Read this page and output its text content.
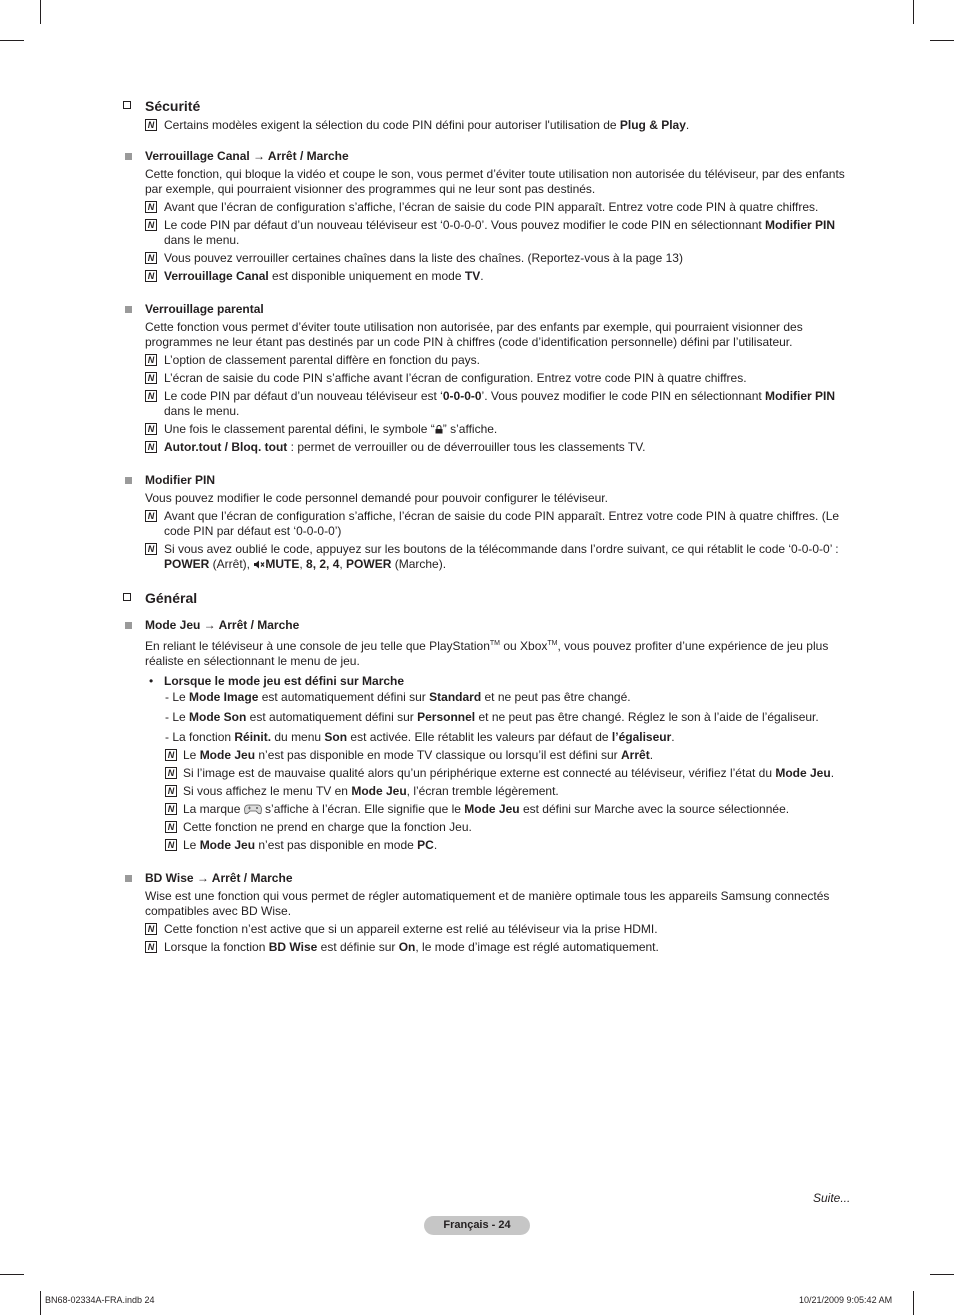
Sécurité
N Certains modèles exigent la sélection du code PIN défini pour autoriser l'utilisation de Plug & Play.
Verrouillage Canal → Arrêt / Marche
Cette fonction, qui bloque la vidéo et coupe le son, vous permet d’éviter toute utilisation non autorisée du téléviseur, par des enfants par exemple, qui pourraient visionner des programmes qui ne leur sont pas destinés.
N Avant que l’écran de configuration s’affiche, l’écran de saisie du code PIN apparaît. Entrez votre code PIN à quatre chiffres.
N Le code PIN par défaut d’un nouveau téléviseur est ‘0-0-0-0’. Vous pouvez modifier le code PIN en sélectionnant Modifier PIN dans le menu.
N Vous pouvez verrouiller certaines chaînes dans la liste des chaînes. (Reportez-vous à la page 13)
N Verrouillage Canal est disponible uniquement en mode TV.
Verrouillage parental
Cette fonction vous permet d’éviter toute utilisation non autorisée, par des enfants par exemple, qui pourraient visionner des programmes ne leur étant pas destinés par un code PIN à chiffres (code d’identification personnelle) défini par l’utilisateur.
N L’option de classement parental diffère en fonction du pays.
N L’écran de saisie du code PIN s’affiche avant l’écran de configuration. Entrez votre code PIN à quatre chiffres.
N Le code PIN par défaut d’un nouveau téléviseur est ‘0-0-0-0’. Vous pouvez modifier le code PIN en sélectionnant Modifier PIN dans le menu.
N Une fois le classement parental défini, le symbole “ ” s’affiche.
N Autor.tout / Bloq. tout : permet de verrouiller ou de déverrouiller tous les classements TV.
Modifier PIN
Vous pouvez modifier le code personnel demandé pour pouvoir configurer le téléviseur.
N Avant que l’écran de configuration s’affiche, l’écran de saisie du code PIN apparaît. Entrez votre code PIN à quatre chiffres. (Le code PIN par défaut est ‘0-0-0-0’)
N Si vous avez oublié le code, appuyez sur les boutons de la télécommande dans l’ordre suivant, ce qui rétablit le code ‘0-0-0-0’ : POWER (Arrêt), MUTE, 8, 2, 4, POWER (Marche).
Général
Mode Jeu → Arrêt / Marche
En reliant le téléviseur à une console de jeu telle que PlayStation™ ou Xbox™, vous pouvez profiter d’une expérience de jeu plus réaliste en sélectionnant le menu de jeu.
• Lorsque le mode jeu est défini sur Marche
- Le Mode Image est automatiquement défini sur Standard et ne peut pas être changé.
- Le Mode Son est automatiquement défini sur Personnel et ne peut pas être changé. Réglez le son à l’aide de l’égaliseur.
- La fonction Réinit. du menu Son est activée. Elle rétablit les valeurs par défaut de l’égaliseur.
N Le Mode Jeu n’est pas disponible en mode TV classique ou lorsqu’il est défini sur Arrêt.
N Si l’image est de mauvaise qualité alors qu’un périphérique externe est connecté au téléviseur, vérifiez l’état du Mode Jeu.
N Si vous affichez le menu TV en Mode Jeu, l’écran tremble légèrement.
N La marque  s’affiche à l’écran. Elle signifie que le Mode Jeu est défini sur Marche avec la source sélectionnée.
N Cette fonction ne prend en charge que la fonction Jeu.
N Le Mode Jeu n’est pas disponible en mode PC.
BD Wise → Arrêt / Marche
Wise est une fonction qui vous permet de régler automatiquement et de manière optimale tous les appareils Samsung connectés compatibles avec BD Wise.
N Cette fonction n’est active que si un appareil externe est relié au téléviseur via la prise HDMI.
N Lorsque la fonction BD Wise est définie sur On, le mode d’image est réglé automatiquement.
Suite...
Français - 24
BN68-02334A-FRA.indb 24	10/21/2009 9:05:42 AM
